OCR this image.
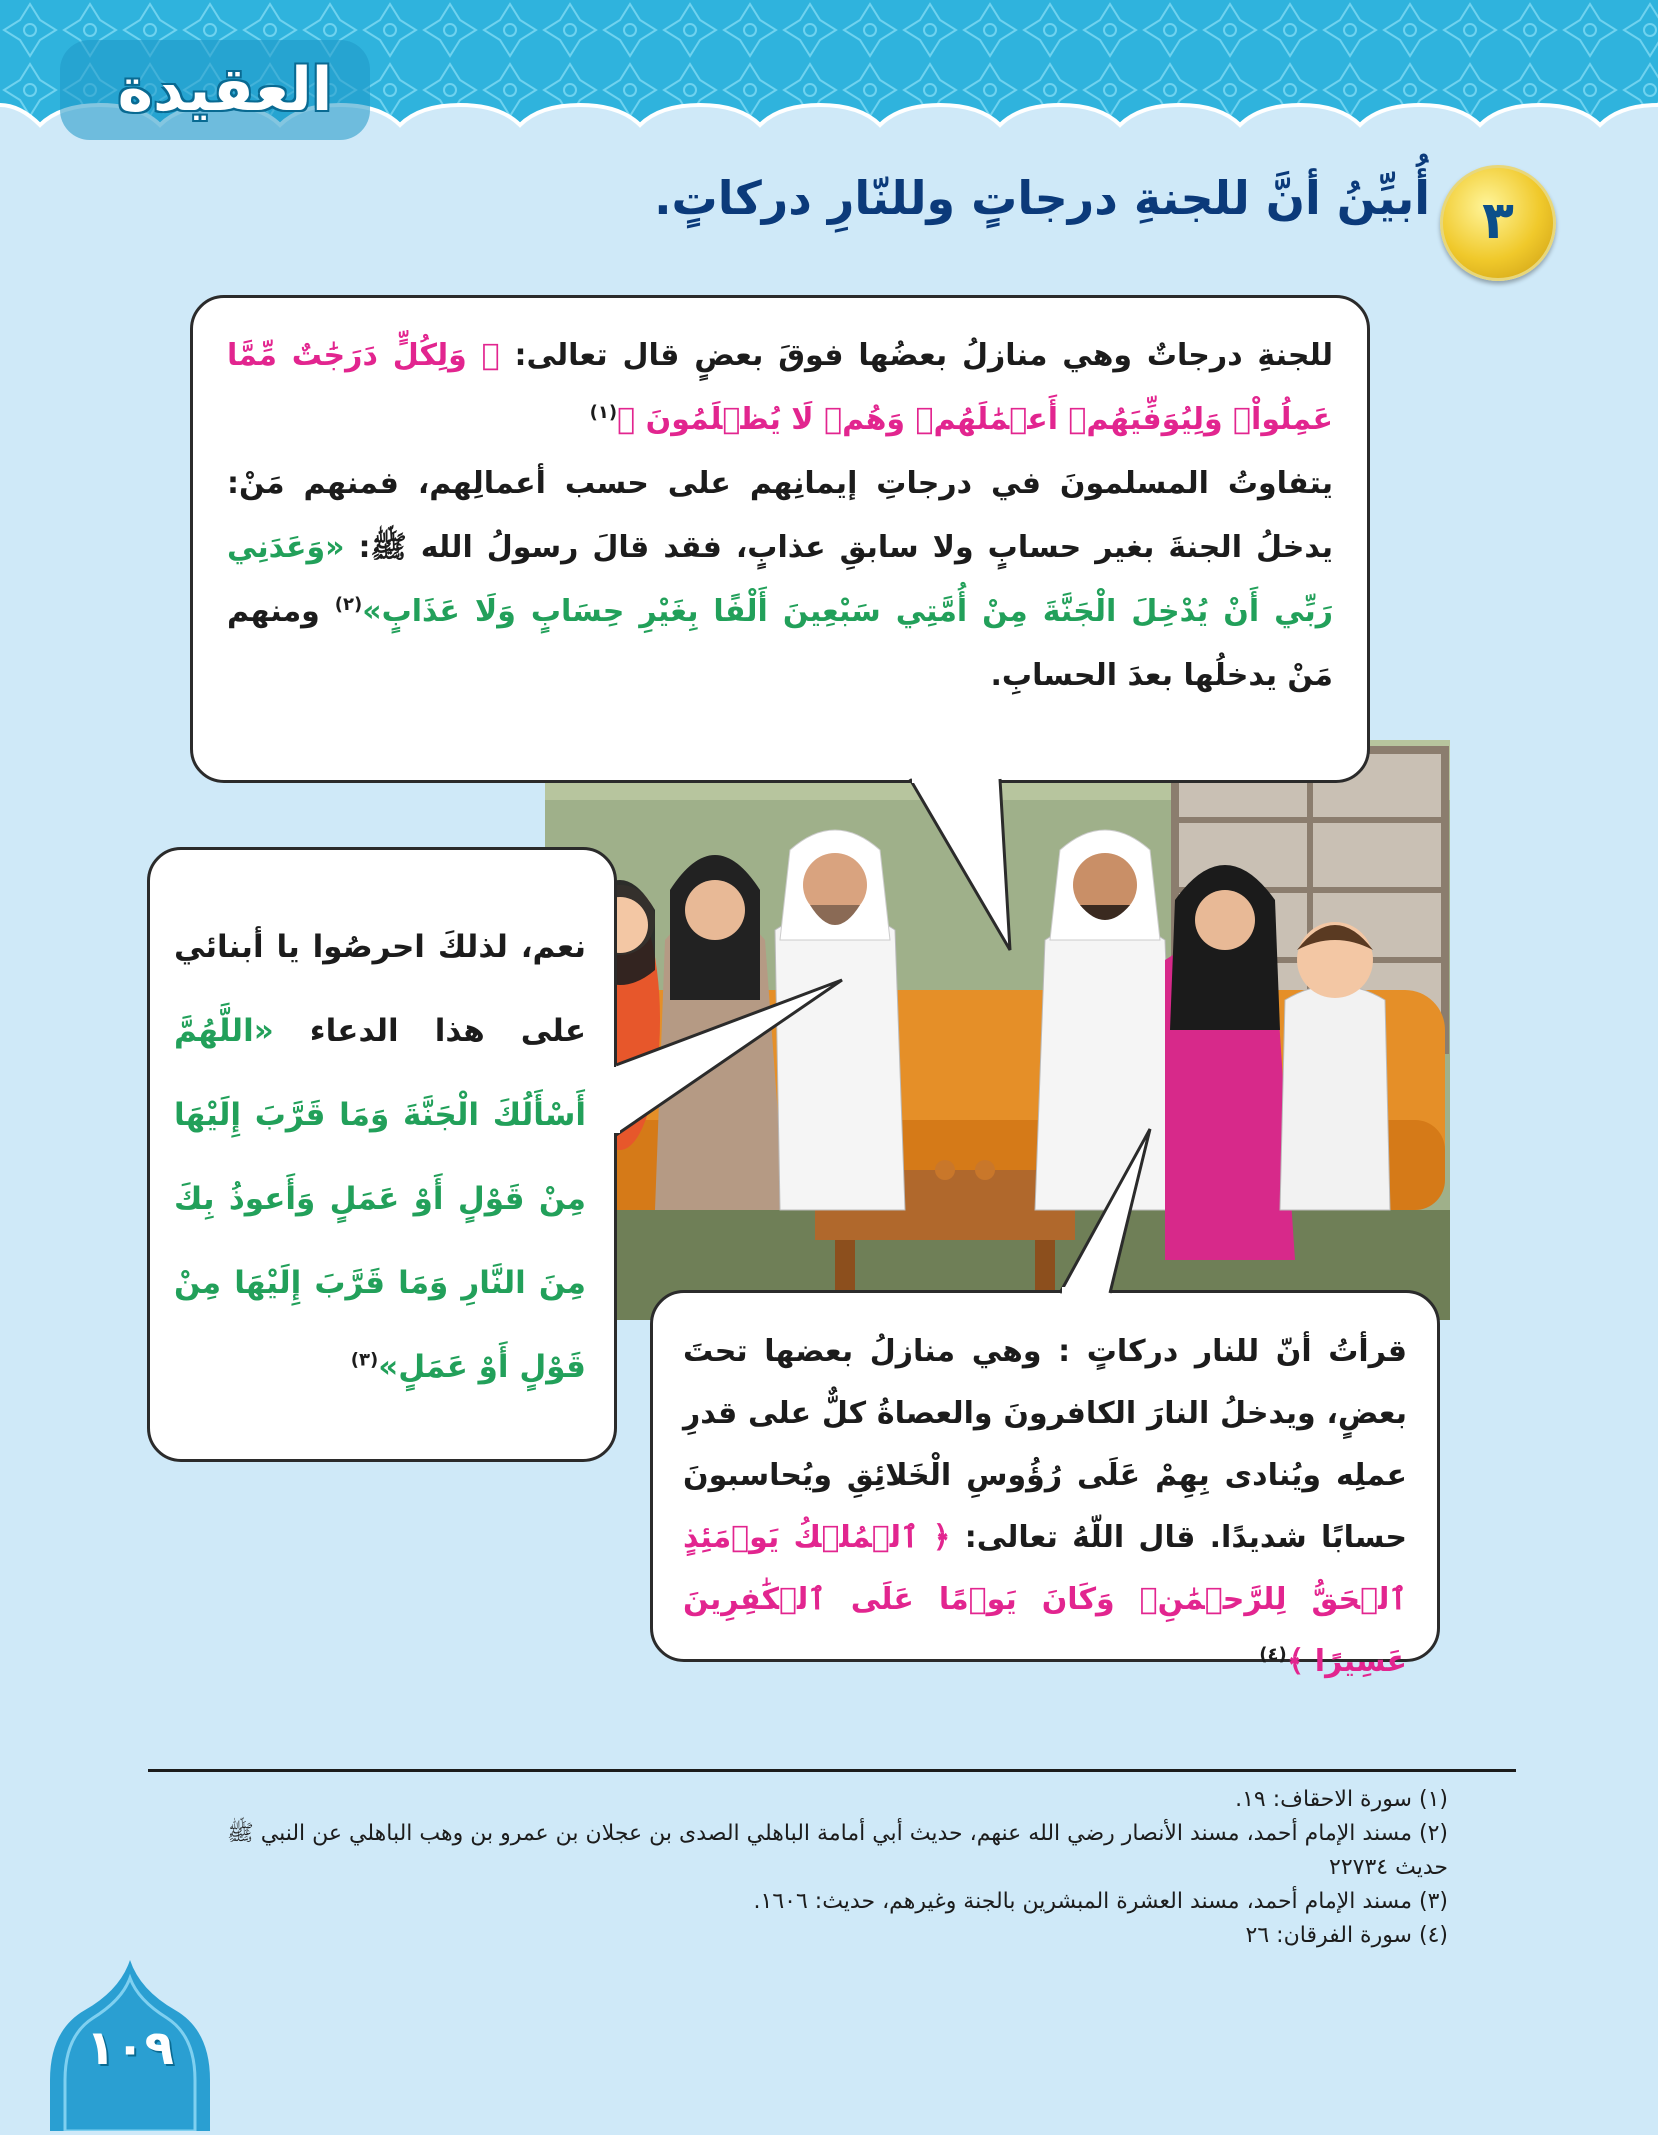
العقيدة
٣
أُبيِّنُ أنَّ للجنةِ درجاتٍ وللنّارِ دركاتٍ.
للجنةِ درجاتٌ وهي منازلُ بعضُها فوقَ بعضٍ قال تعالى: ﴿ وَلِكُلٍّ دَرَجَٰتٌ مِّمَّا عَمِلُواْۖ وَلِيُوَفِّيَهُمۡ أَعۡمَٰلَهُمۡ وَهُمۡ لَا يُظۡلَمُونَ ﴾$^{(١)}$
يتفاوتُ المسلمونَ في درجاتِ إيمانِهم على حسب أعمالِهم، فمنهم مَنْ: يدخلُ الجنةَ بغير حسابٍ ولا سابقِ عذابٍ، فقد قالَ رسولُ الله ﷺ: «وَعَدَنِي رَبِّي أَنْ يُدْخِلَ الْجَنَّةَ مِنْ أُمَّتِي سَبْعِينَ أَلْفًا بِغَيْرِ حِسَابٍ وَلَا عَذَابٍ»$^{(٢)}$ ومنهم مَنْ يدخلُها بعدَ الحسابِ.
نعم، لذلكَ احرصُوا يا أبنائي على هذا الدعاء «اللَّهُمَّ أَسْأَلُكَ الْجَنَّةَ وَمَا قَرَّبَ إِلَيْهَا مِنْ قَوْلٍ أَوْ عَمَلٍ وَأَعوذُ بِكَ مِنَ النَّارِ وَمَا قَرَّبَ إِلَيْهَا مِنْ قَوْلٍ أَوْ عَمَلٍ»$^{(٣)}$	قرأتُ أنّ للنار دركاتٍ : وهي منازلُ بعضها تحتَ بعضٍ، ويدخلُ النارَ الكافرونَ والعصاةُ كلٌّ على قدرِ عملِه ويُنادى بِهِمْ عَلَى رُؤُوسِ الْخَلائِقِ ويُحاسبونَ حسابًا شديدًا. قال اللّهُ تعالى: ﴿ ٱلۡمُلۡكُ يَوۡمَئِذٍ ٱلۡحَقُّ لِلرَّحۡمَٰنِۚ وَكَانَ يَوۡمًا عَلَى ٱلۡكَٰفِرِينَ عَسِيرًا ﴾$^{(٤)}$
(١) سورة الاحقاف: ١٩.
(٢) مسند الإمام أحمد، مسند الأنصار رضي الله عنهم، حديث أبي أمامة الباهلي الصدى بن عجلان بن عمرو بن وهب الباهلي عن النبي ﷺ
حديث ٢٢٧٣٤
(٣) مسند الإمام أحمد، مسند العشرة المبشرين بالجنة وغيرهم، حديث: ١٦٠٦.
(٤) سورة الفرقان: ٢٦
١٠٩
